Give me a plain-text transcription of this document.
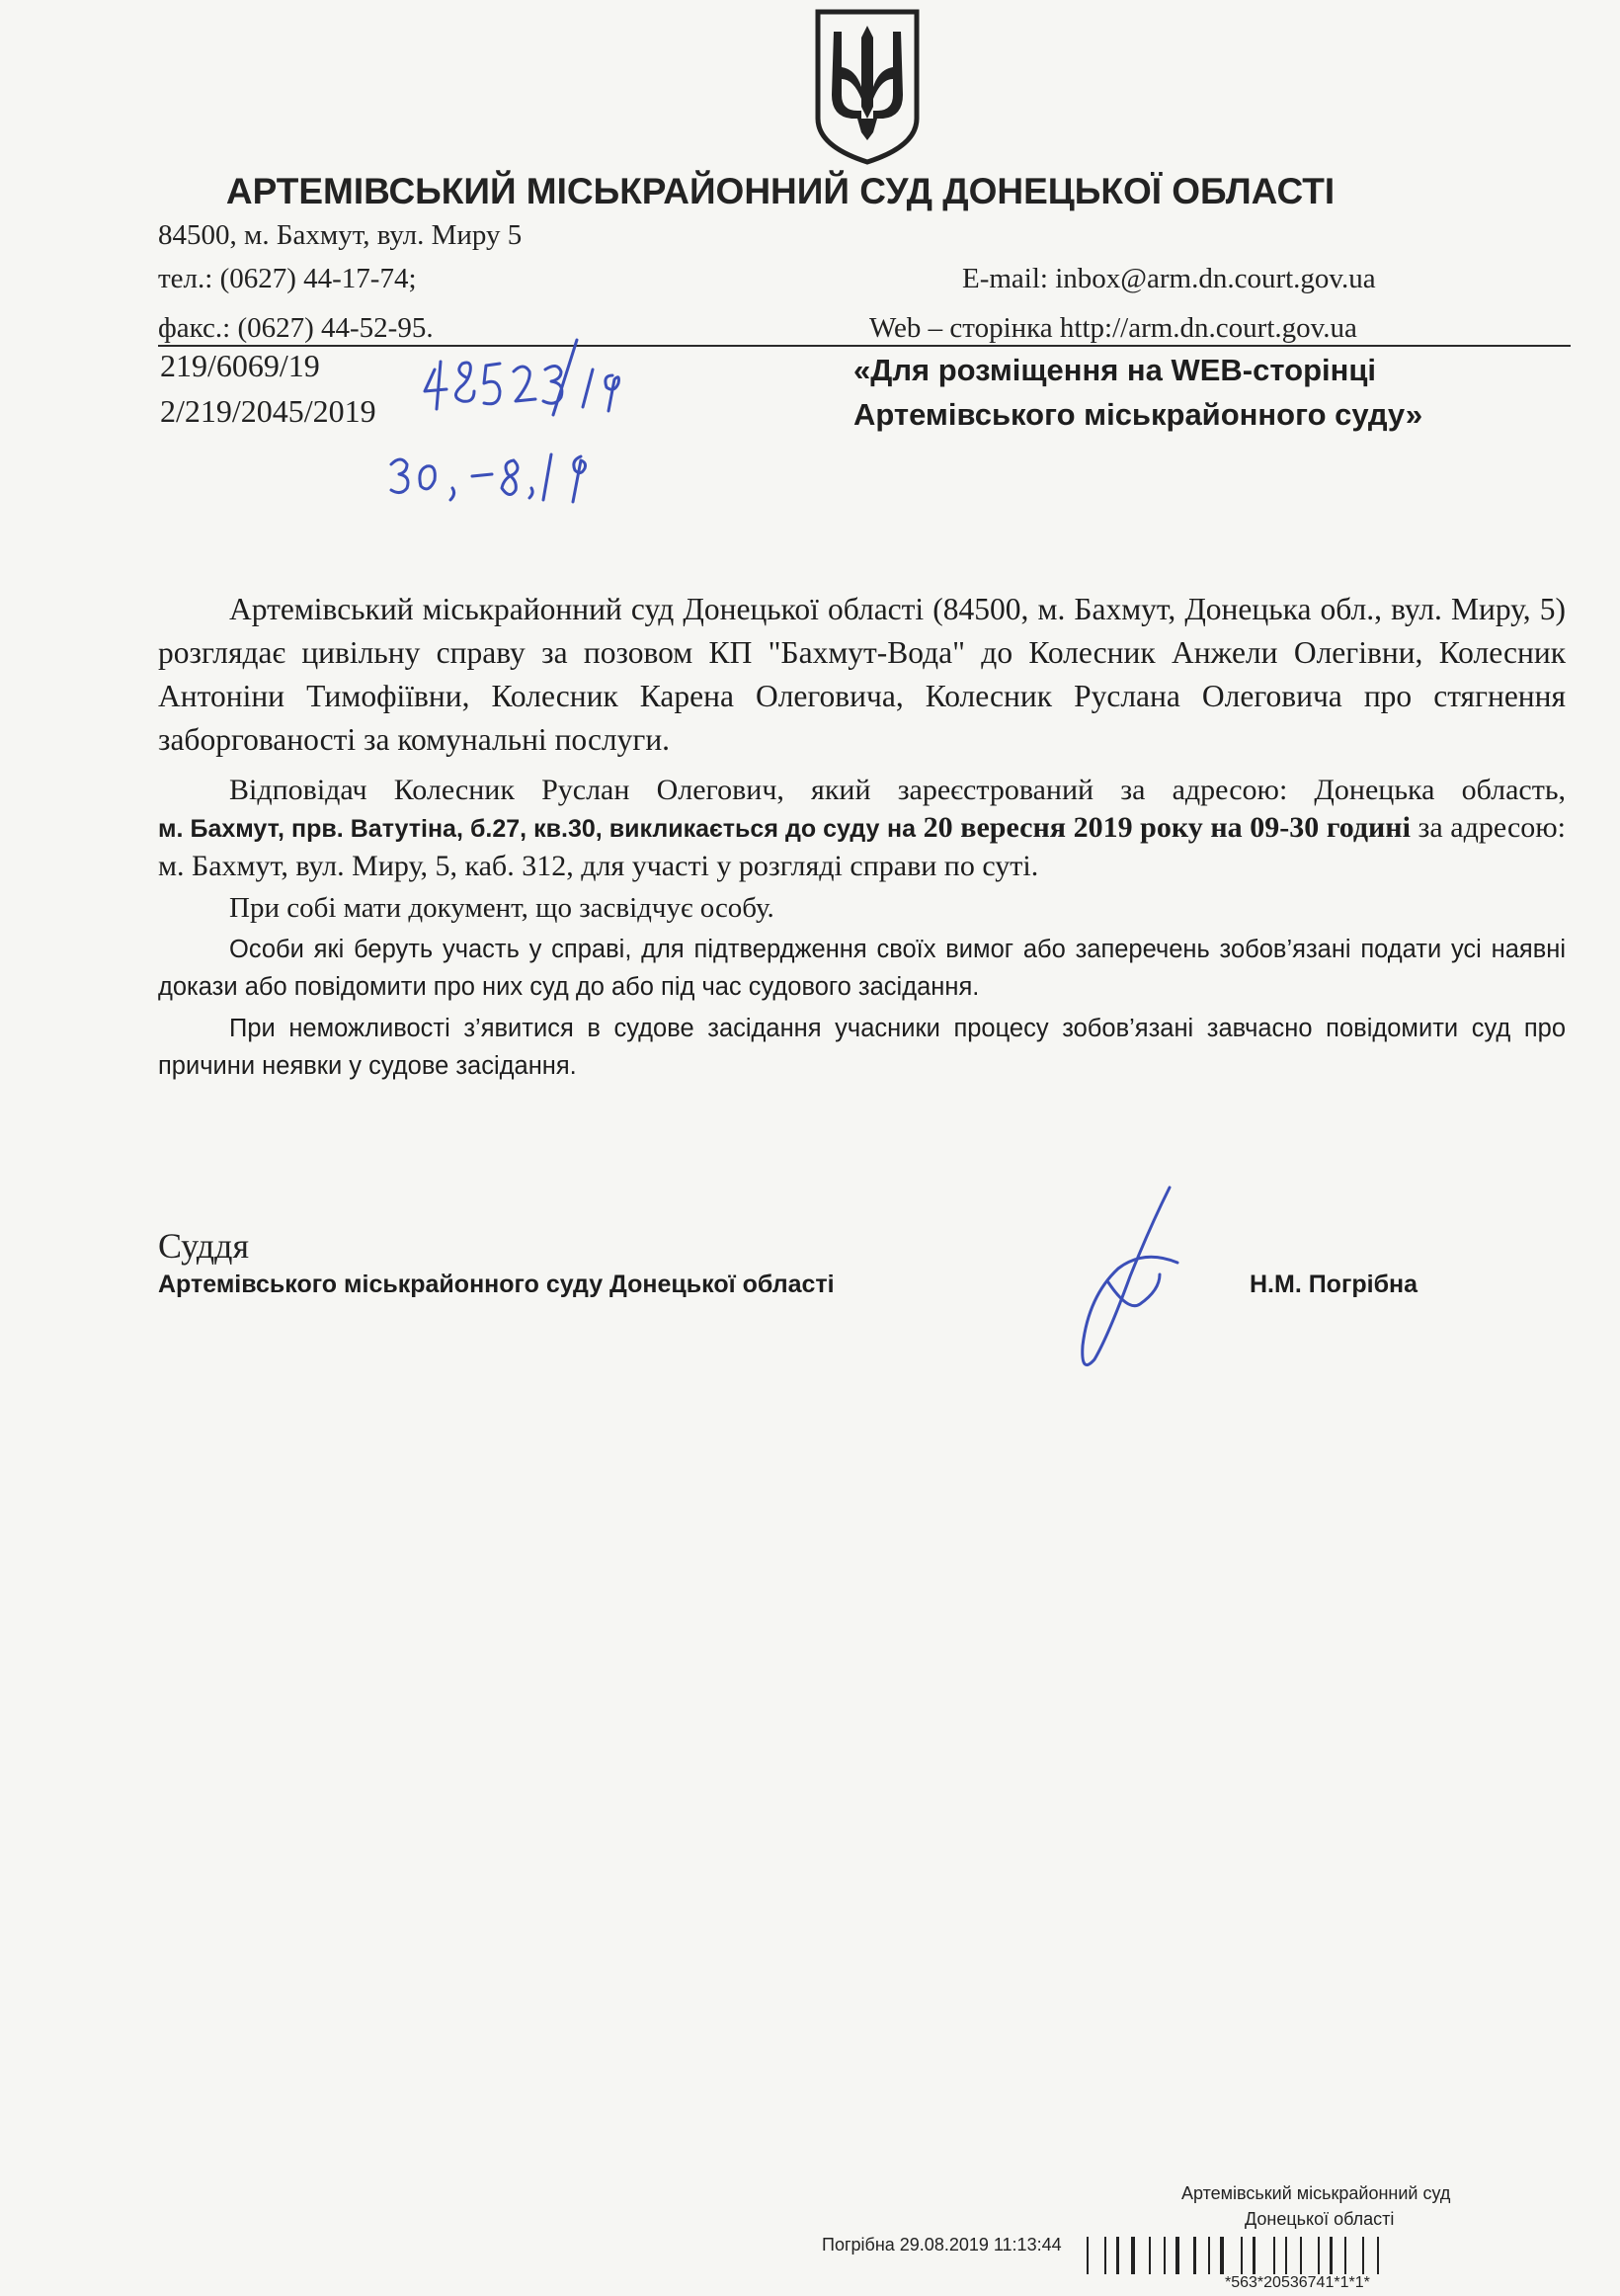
АРТЕМІВСЬКИЙ МІСЬКРАЙОННИЙ СУД ДОНЕЦЬКОЇ ОБЛАСТІ
84500, м. Бахмут, вул. Миру 5
тел.: (0627) 44-17-74;	E-mail: inbox@arm.dn.court.gov.ua
факс.: (0627) 44-52-95.	Web – сторінка http://arm.dn.court.gov.ua
219/6069/19
2/219/2045/2019
«Для розміщення на WEB-сторінці
Артемівського міськрайонного суду»

Артемівський міськрайонний суд Донецької області (84500, м. Бахмут, Донецька обл., вул. Миру, 5) розглядає цивільну справу за позовом КП "Бахмут-Вода" до Колесник Анжели Олегівни, Колесник Антоніни Тимофіївни, Колесник Карена Олеговича, Колесник Руслана Олеговича про стягнення заборгованості за комунальні послуги.

Відповідач Колесник Руслан Олегович, який зареєстрований за адресою: Донецька область,

м. Бахмут, прв. Ватутіна, б.27, кв.30, викликається до суду на 20 вересня 2019 року на 09-30 годині за адресою: м. Бахмут, вул. Миру, 5, каб. 312, для участі у розгляді справи по суті.

При собі мати документ, що засвідчує особу.

Особи які беруть участь у справі, для підтвердження своїх вимог або заперечень зобов’язані подати усі наявні докази або повідомити про них суд до або під час судового засідання.

При неможливості з’явитися в судове засідання учасники процесу зобов’язані завчасно повідомити суд про причини неявки у судове засідання.

Суддя
Артемівського міськрайонного суду Донецької області	Н.М. Погрібна
Артемівський міськрайонний суд
Донецької області
Погрібна 29.08.2019 11:13:44
*563*20536741*1*1*
